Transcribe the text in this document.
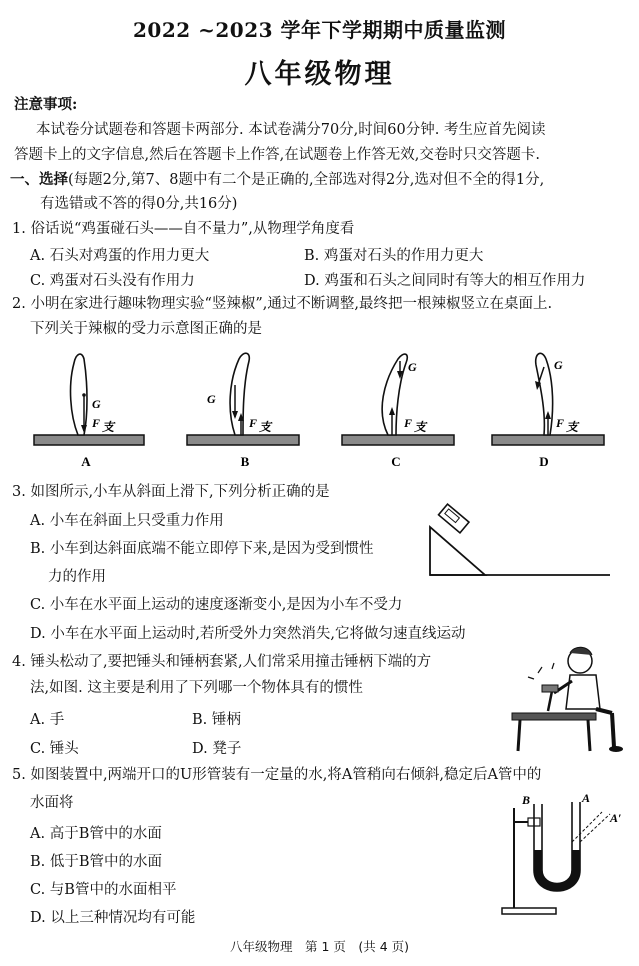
2022 ~2023 学年下学期期中质量监测
八年级物理
注意事项:
本试卷分试题卷和答题卡两部分. 本试卷满分70分,时间60分钟. 考生应首先阅读
答题卡上的文字信息,然后在答题卡上作答,在试题卷上作答无效,交卷时只交答题卡.
一、选择(每题2分,第7、8题中有二个是正确的,全部选对得2分,选对但不全的得1分,
有选错或不答的得0分,共16分)
1. 俗话说“鸡蛋碰石头——自不量力”,从物理学角度看
A. 石头对鸡蛋的作用力更大	B. 鸡蛋对石头的作用力更大
C. 鸡蛋对石头没有作用力	D. 鸡蛋和石头之间同时有等大的相互作用力
2. 小明在家进行趣味物理实验“竖辣椒”,通过不断调整,最终把一根辣椒竖立在桌面上.
下列关于辣椒的受力示意图正确的是
G
F 支
A
G
F 支
B
G
F 支
C
G
F 支
D
3. 如图所示,小车从斜面上滑下,下列分析正确的是
A. 小车在斜面上只受重力作用
B. 小车到达斜面底端不能立即停下来,是因为受到惯性
力的作用
C. 小车在水平面上运动的速度逐渐变小,是因为小车不受力
D. 小车在水平面上运动时,若所受外力突然消失,它将做匀速直线运动
4. 锤头松动了,要把锤头和锤柄套紧,人们常采用撞击锤柄下端的方
法,如图. 这主要是利用了下列哪一个物体具有的惯性
A. 手	B. 锤柄
C. 锤头	D. 凳子
5. 如图装置中,两端开口的U形管装有一定量的水,将A管稍向右倾斜,稳定后A管中的
水面将
A. 高于B管中的水面
B. 低于B管中的水面
C. 与B管中的水面相平
D. 以上三种情况均有可能
B	A
A′
八年级物理　第 1 页　(共 4 页)
